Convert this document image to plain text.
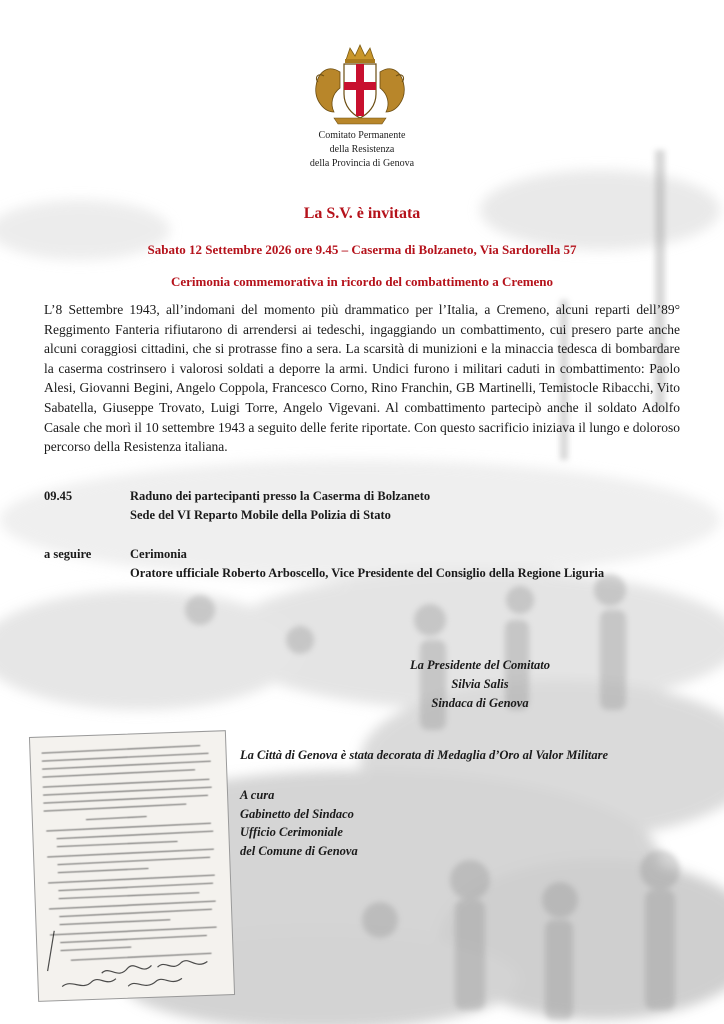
Comitato Permanente
della Resistenza
della Provincia di Genova
La S.V. è invitata
Sabato 12 Settembre 2026 ore 9.45 – Caserma di Bolzaneto, Via Sardorella 57
Cerimonia commemorativa in ricordo del combattimento a Cremeno
L’8 Settembre 1943, all’indomani del momento più drammatico per l’Italia, a Cremeno, alcuni reparti dell’89° Reggimento Fanteria rifiutarono di arrendersi ai tedeschi, ingaggiando un combattimento, cui presero parte anche alcuni coraggiosi cittadini, che si protrasse fino a sera. La scarsità di munizioni e la minaccia tedesca di bombardare la caserma costrinsero i valorosi soldati a deporre la armi. Undici furono i militari caduti in combattimento: Paolo Alesi, Giovanni Begini, Angelo Coppola, Francesco Corno, Rino Franchin, GB Martinelli, Temistocle Ribacchi, Vito Sabatella, Giuseppe Trovato, Luigi Torre, Angelo Vigevani. Al combattimento partecipò anche il soldato Adolfo Casale che morì il 10 settembre 1943 a seguito delle ferite riportate. Con questo sacrificio iniziava il lungo e doloroso percorso della Resistenza italiana.
09.45	Raduno dei partecipanti presso la Caserma di Bolzaneto
Sede del VI Reparto Mobile della Polizia di Stato
a seguire	Cerimonia
Oratore ufficiale Roberto Arboscello, Vice Presidente del Consiglio della Regione Liguria
La Presidente del Comitato
Silvia Salis
Sindaca di Genova
La Città di Genova è stata decorata di Medaglia d’Oro al Valor Militare
A cura
Gabinetto del Sindaco
Ufficio Cerimoniale
del Comune di Genova
